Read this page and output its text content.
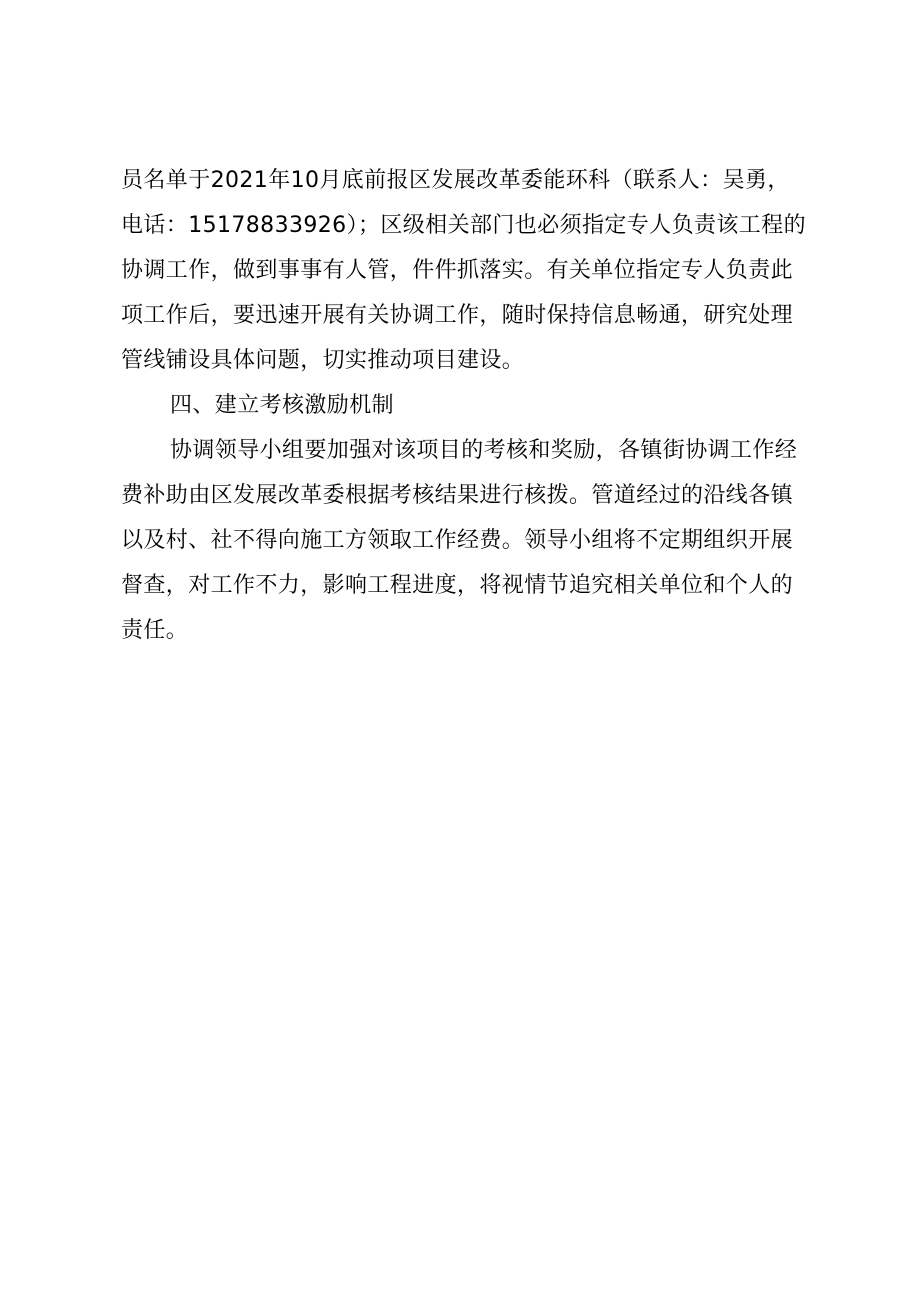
员名单于2021年10月底前报区发展改革委能环科（联系人：吴勇，
电话：15178833926）；区级相关部门也必须指定专人负责该工程的
协调工作，做到事事有人管，件件抓落实。有关单位指定专人负责此
项工作后，要迅速开展有关协调工作，随时保持信息畅通，研究处理
管线铺设具体问题，切实推动项目建设。
四、建立考核激励机制
协调领导小组要加强对该项目的考核和奖励，各镇街协调工作经
费补助由区发展改革委根据考核结果进行核拨。管道经过的沿线各镇
以及村、社不得向施工方领取工作经费。领导小组将不定期组织开展
督查，对工作不力，影响工程进度，将视情节追究相关单位和个人的
责任。
